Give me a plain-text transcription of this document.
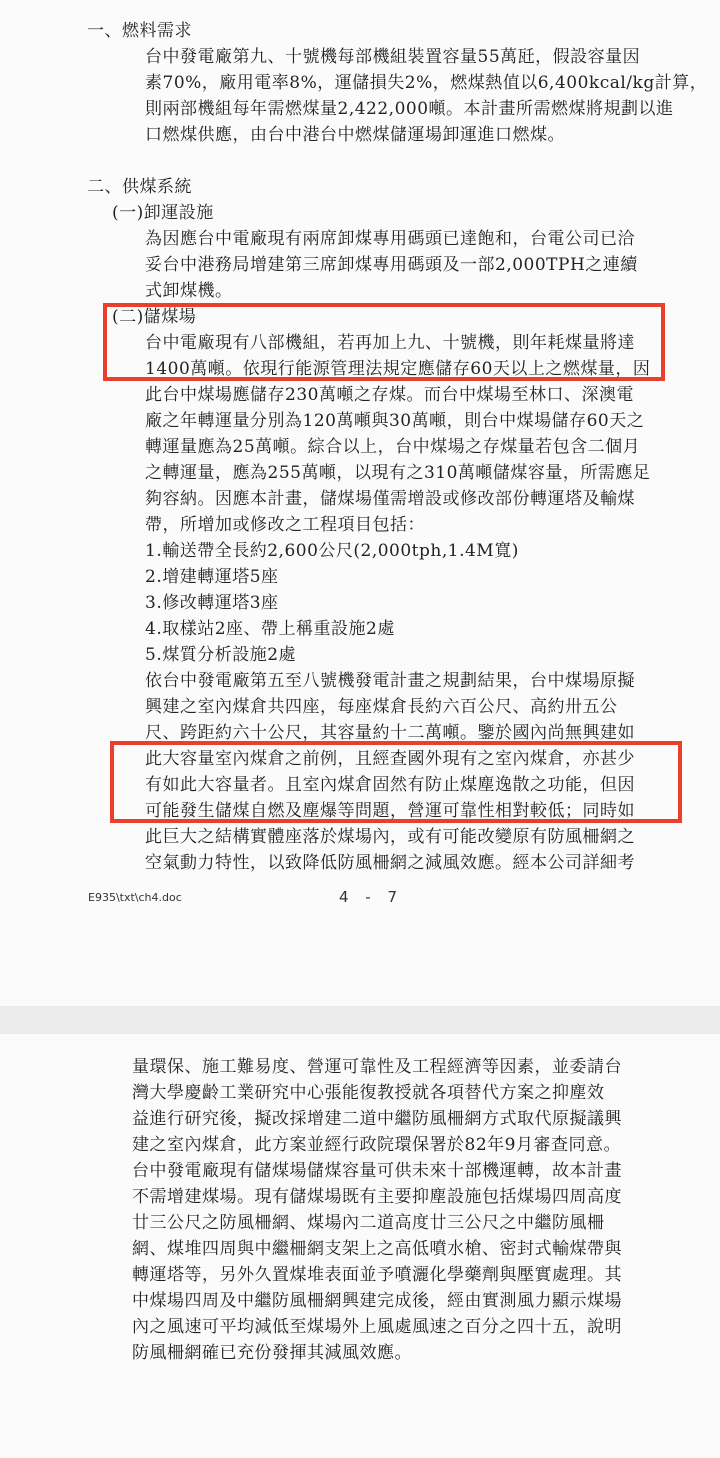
一、燃料需求
台中發電廠第九、十號機每部機組裝置容量55萬瓩，假設容量因
素70%，廠用電率8%，運儲損失2%，燃煤熱值以6,400kcal/kg計算，
則兩部機組每年需燃煤量2,422,000噸。本計畫所需燃煤將規劃以進
口燃煤供應，由台中港台中燃煤儲運場卸運進口燃煤。
二、供煤系統
(一)卸運設施
為因應台中電廠現有兩席卸煤專用碼頭已達飽和，台電公司已洽
妥台中港務局增建第三席卸煤專用碼頭及一部2,000TPH之連續
式卸煤機。
(二)儲煤場
台中電廠現有八部機組，若再加上九、十號機，則年耗煤量將達
1400萬噸。依現行能源管理法規定應儲存60天以上之燃煤量，因
此台中煤場應儲存230萬噸之存煤。而台中煤場至林口、深澳電
廠之年轉運量分別為120萬噸與30萬噸，則台中煤場儲存60天之
轉運量應為25萬噸。綜合以上，台中煤場之存煤量若包含二個月
之轉運量，應為255萬噸，以現有之310萬噸儲煤容量，所需應足
夠容納。因應本計畫，儲煤場僅需增設或修改部份轉運塔及輸煤
帶，所增加或修改之工程項目包括：
1.輸送帶全長約2,600公尺(2,000tph,1.4M寬)
2.增建轉運塔5座
3.修改轉運塔3座
4.取樣站2座、帶上稱重設施2處
5.煤質分析設施2處
依台中發電廠第五至八號機發電計畫之規劃結果，台中煤場原擬
興建之室內煤倉共四座，每座煤倉長約六百公尺、高約卅五公
尺、跨距約六十公尺，其容量約十二萬噸。鑒於國內尚無興建如
此大容量室內煤倉之前例，且經查國外現有之室內煤倉，亦甚少
有如此大容量者。且室內煤倉固然有防止煤塵逸散之功能，但因
可能發生儲煤自燃及塵爆等問題，營運可靠性相對較低；同時如
此巨大之結構實體座落於煤場內，或有可能改變原有防風柵網之
空氣動力特性，以致降低防風柵網之減風效應。經本公司詳細考
E935\txt\ch4.doc	4 - 7
量環保、施工難易度、營運可靠性及工程經濟等因素，並委請台
灣大學慶齡工業研究中心張能復教授就各項替代方案之抑塵效
益進行研究後，擬改採增建二道中繼防風柵網方式取代原擬議興
建之室內煤倉，此方案並經行政院環保署於82年9月審查同意。
台中發電廠現有儲煤場儲煤容量可供未來十部機運轉，故本計畫
不需增建煤場。現有儲煤場既有主要抑塵設施包括煤場四周高度
廿三公尺之防風柵網、煤場內二道高度廿三公尺之中繼防風柵
網、煤堆四周與中繼柵網支架上之高低噴水槍、密封式輸煤帶與
轉運塔等，另外久置煤堆表面並予噴灑化學藥劑與壓實處理。其
中煤場四周及中繼防風柵網興建完成後，經由實測風力顯示煤場
內之風速可平均減低至煤場外上風處風速之百分之四十五，說明
防風柵網確已充份發揮其減風效應。
